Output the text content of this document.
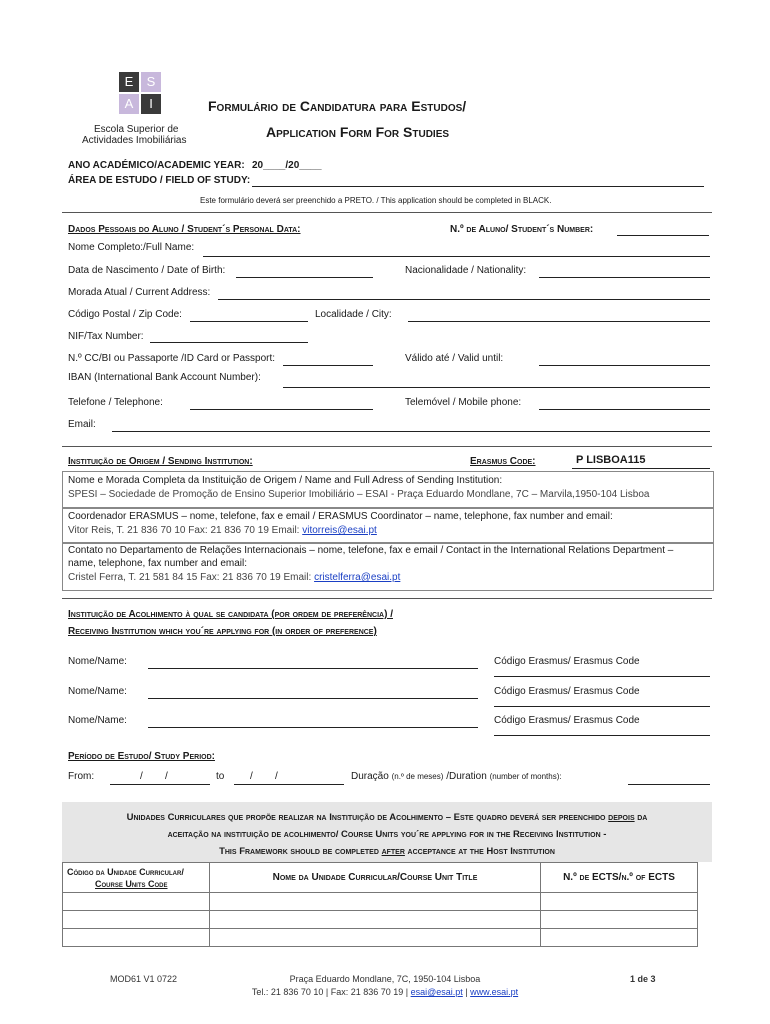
E	S
A	I
Escola Superior de
Actividades Imobiliárias
Formulário de Candidatura para Estudos/
Application Form For Studies
ANO ACADÉMICO/ACADEMIC YEAR: 20____/20____
ÁREA DE ESTUDO / FIELD OF STUDY:
Este formulário deverá ser preenchido a PRETO. / This application should be completed in BLACK.
Dados Pessoais do Aluno / Student´s Personal Data:	N.º de Aluno/ Student´s Number:
Nome Completo:/Full Name:
Data de Nascimento / Date of Birth:	Nacionalidade / Nationality:
Morada Atual / Current Address:
Código Postal / Zip Code:	Localidade / City:
NIF/Tax Number:
N.º CC/BI ou Passaporte /ID Card or Passport:	Válido até / Valid until:
IBAN (International Bank Account Number):
Telefone / Telephone:	Telemóvel / Mobile phone:
Email:
Instituição de Origem / Sending Institution:	Erasmus Code:	P LISBOA115
Nome e Morada Completa da Instituição de Origem / Name and Full Adress of Sending Institution:
SPESI – Sociedade de Promoção de Ensino Superior Imobiliário – ESAI - Praça Eduardo Mondlane, 7C – Marvila,1950-104 Lisboa
Coordenador ERASMUS – nome, telefone, fax e email / ERASMUS Coordinator – name, telephone, fax number and email:
Vitor Reis, T. 21 836 70 10 Fax: 21 836 70 19 Email: vitorreis@esai.pt
Contato no Departamento de Relações Internacionais – nome, telefone, fax e email / Contact in the International Relations Department –
name, telephone, fax number and email:
Cristel Ferra, T. 21 581 84 15 Fax: 21 836 70 19 Email: cristelferra@esai.pt
Instituição de Acolhimento à qual se candidata (por ordem de preferência) /
Receiving Institution which you´re applying for (in order of preference)
Nome/Name:	Código Erasmus/ Erasmus Code
Nome/Name:	Código Erasmus/ Erasmus Code
Nome/Name:	Código Erasmus/ Erasmus Code
Período de Estudo/ Study Period:
From:	/        /	to	/        /	Duração (n.º de meses) /Duration (number of months):
Unidades Curriculares que propõe realizar na Instituição de Acolhimento – Este quadro deverá ser preenchido depois da
aceitação na instituição de acolhimento/ Course Units you´re applying for in the Receiving Institution -
This Framework should be completed after acceptance at the Host Institution
Código da Unidade Curricular/
Course Units Code	Nome da Unidade Curricular/Course Unit Title	N.º de ECTS/n.º of ECTS

MOD61 V1 0722	Praça Eduardo Mondlane, 7C, 1950-104 Lisboa
Tel.: 21 836 70 10 | Fax: 21 836 70 19 | esai@esai.pt | www.esai.pt
1 de 3
